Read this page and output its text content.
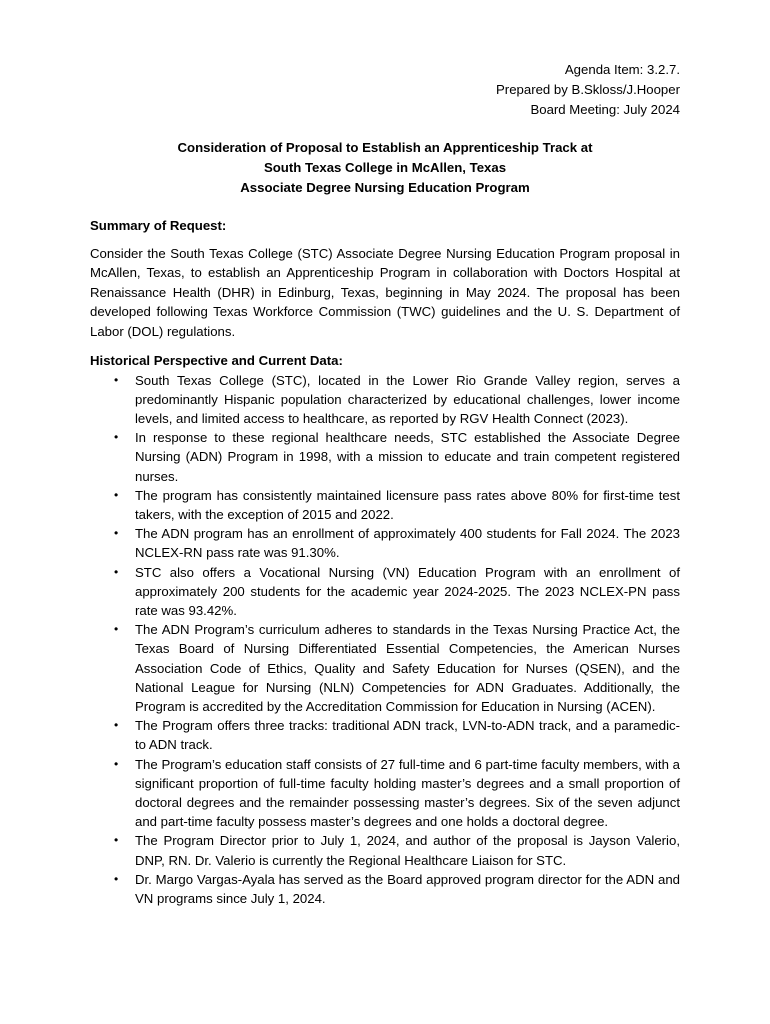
Agenda Item: 3.2.7.
Prepared by B.Skloss/J.Hooper
Board Meeting: July 2024
Consideration of Proposal to Establish an Apprenticeship Track at
South Texas College in McAllen, Texas
Associate Degree Nursing Education Program
Summary of Request:
Consider the South Texas College (STC) Associate Degree Nursing Education Program proposal in McAllen, Texas, to establish an Apprenticeship Program in collaboration with Doctors Hospital at Renaissance Health (DHR) in Edinburg, Texas, beginning in May 2024. The proposal has been developed following Texas Workforce Commission (TWC) guidelines and the U. S. Department of Labor (DOL) regulations.
Historical Perspective and Current Data:
• South Texas College (STC), located in the Lower Rio Grande Valley region, serves a predominantly Hispanic population characterized by educational challenges, lower income levels, and limited access to healthcare, as reported by RGV Health Connect (2023).
• In response to these regional healthcare needs, STC established the Associate Degree Nursing (ADN) Program in 1998, with a mission to educate and train competent registered nurses.
• The program has consistently maintained licensure pass rates above 80% for first-time test takers, with the exception of 2015 and 2022.
• The ADN program has an enrollment of approximately 400 students for Fall 2024. The 2023 NCLEX-RN pass rate was 91.30%.
• STC also offers a Vocational Nursing (VN) Education Program with an enrollment of approximately 200 students for the academic year 2024-2025. The 2023 NCLEX-PN pass rate was 93.42%.
• The ADN Program’s curriculum adheres to standards in the Texas Nursing Practice Act, the Texas Board of Nursing Differentiated Essential Competencies, the American Nurses Association Code of Ethics, Quality and Safety Education for Nurses (QSEN), and the National League for Nursing (NLN) Competencies for ADN Graduates. Additionally, the Program is accredited by the Accreditation Commission for Education in Nursing (ACEN).
• The Program offers three tracks: traditional ADN track, LVN-to-ADN track, and a paramedic-to ADN track.
• The Program’s education staff consists of 27 full-time and 6 part-time faculty members, with a significant proportion of full-time faculty holding master’s degrees and a small proportion of doctoral degrees and the remainder possessing master’s degrees. Six of the seven adjunct and part-time faculty possess master’s degrees and one holds a doctoral degree.
• The Program Director prior to July 1, 2024, and author of the proposal is Jayson Valerio, DNP, RN. Dr. Valerio is currently the Regional Healthcare Liaison for STC.
• Dr. Margo Vargas-Ayala has served as the Board approved program director for the ADN and VN programs since July 1, 2024.
